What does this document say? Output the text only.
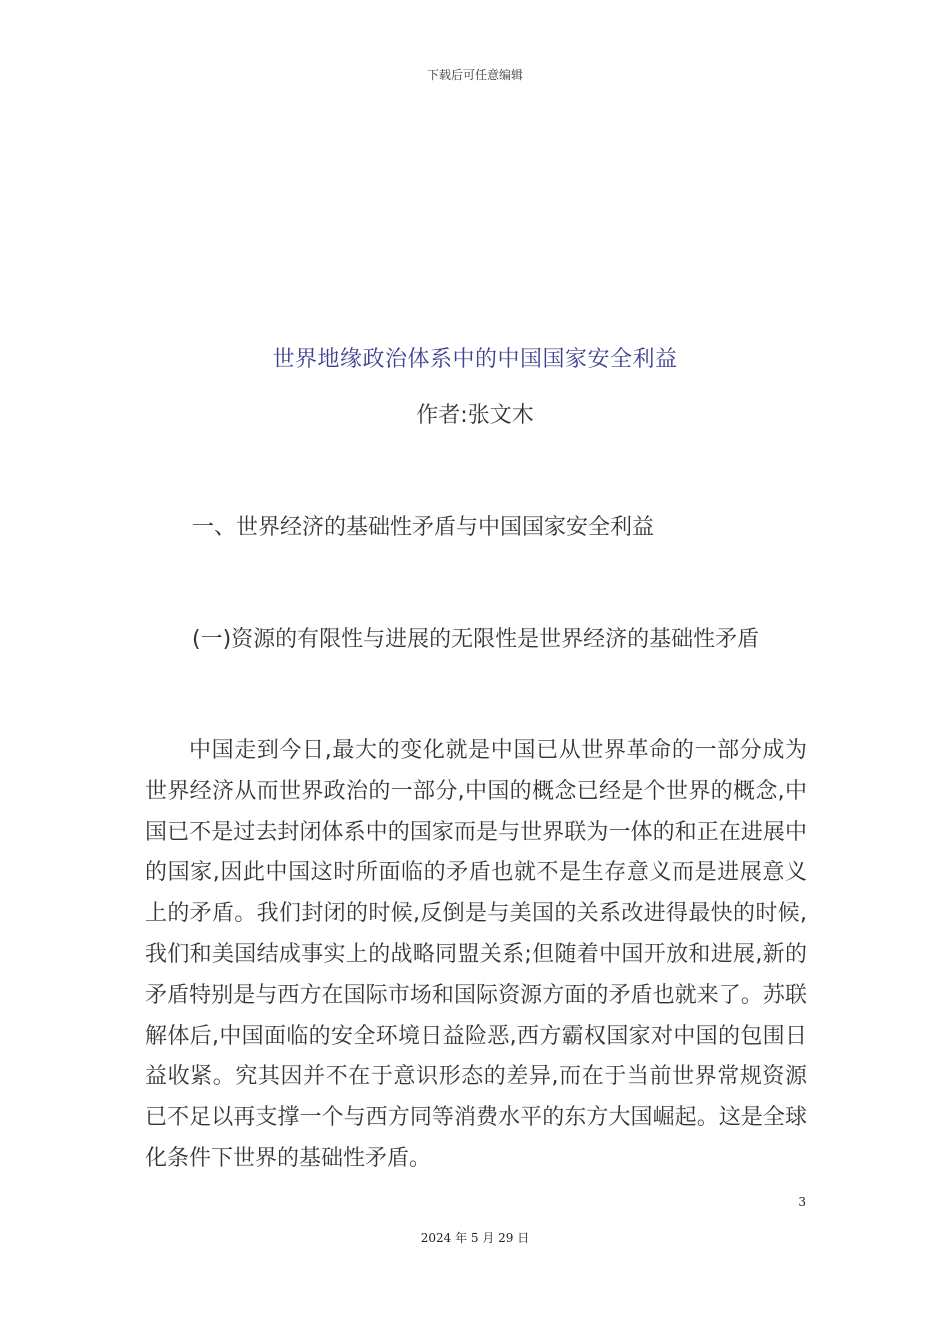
下载后可任意编辑
世界地缘政治体系中的中国国家安全利益
作者:张文木
一、世界经济的基础性矛盾与中国国家安全利益
(一)资源的有限性与进展的无限性是世界经济的基础性矛盾

中国走到今日,最大的变化就是中国已从世界革命的一部分成为世界经济从而世界政治的一部分,中国的概念已经是个世界的概念,中国已不是过去封闭体系中的国家而是与世界联为一体的和正在进展中的国家,因此中国这时所面临的矛盾也就不是生存意义而是进展意义上的矛盾。我们封闭的时候,反倒是与美国的关系改进得最快的时候,我们和美国结成事实上的战略同盟关系;但随着中国开放和进展,新的矛盾特别是与西方在国际市场和国际资源方面的矛盾也就来了。苏联解体后,中国面临的安全环境日益险恶,西方霸权国家对中国的包围日益收紧。究其因并不在于意识形态的差异,而在于当前世界常规资源已不足以再支撑一个与西方同等消费水平的东方大国崛起。这是全球化条件下世界的基础性矛盾。

3
2024 年 5 月 29 日
